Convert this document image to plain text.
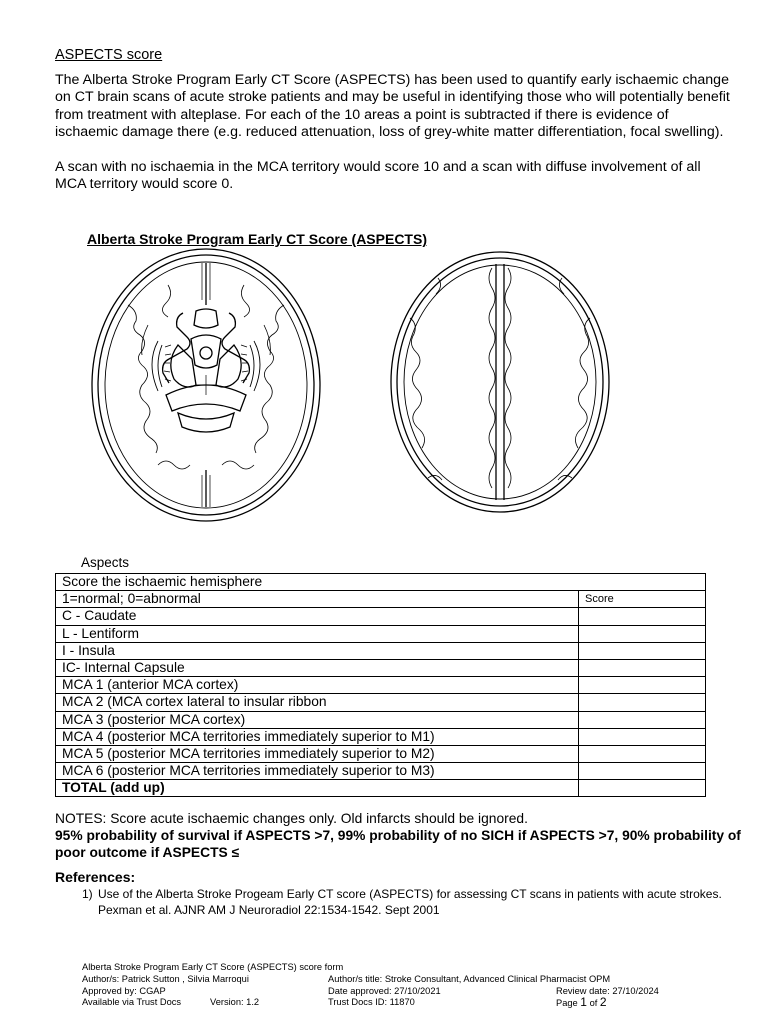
ASPECTS score

The Alberta Stroke Program Early CT Score (ASPECTS) has been used to quantify early ischaemic change on CT brain scans of acute stroke patients and may be useful in identifying those who will potentially benefit from treatment with alteplase. For each of the 10 areas a point is subtracted if there is evidence of ischaemic damage there (e.g. reduced attenuation, loss of grey-white matter differentiation, focal swelling).

A scan with no ischaemia in the MCA territory would score 10 and a scan with diffuse involvement of all MCA territory would score 0.

Alberta Stroke Program Early CT Score (ASPECTS)
Aspects
Score the ischaemic hemisphere	
1=normal; 0=abnormal	Score
C - Caudate	
L - Lentiform	
I - Insula	
IC- Internal Capsule	
MCA 1 (anterior MCA cortex)	
MCA 2 (MCA cortex lateral to insular ribbon	
MCA 3 (posterior MCA cortex)	
MCA 4 (posterior MCA territories immediately superior to M1)	
MCA 5 (posterior MCA territories immediately superior to M2)	
MCA 6 (posterior MCA territories immediately superior to M3)	
TOTAL (add up)	

NOTES: Score acute ischaemic changes only. Old infarcts should be ignored.

95% probability of survival if ASPECTS >7, 99% probability of no SICH if ASPECTS >7, 90% probability of poor outcome if ASPECTS ≤

References:
1) Use of the Alberta Stroke Progeam Early CT score (ASPECTS) for assessing CT scans in patients with acute strokes. Pexman et al. AJNR AM J Neuroradiol 22:1534-1542. Sept 2001
Alberta Stroke Program Early CT Score (ASPECTS) score form
Author/s: Patrick Sutton , Silvia Marroqui	Author/s title: Stroke Consultant, Advanced Clinical Pharmacist OPM
Approved by: CGAP	Date approved: 27/10/2021	Review date: 27/10/2024
Available via Trust Docs	Version: 1.2	Trust Docs ID: 11870	Page 1 of 2
